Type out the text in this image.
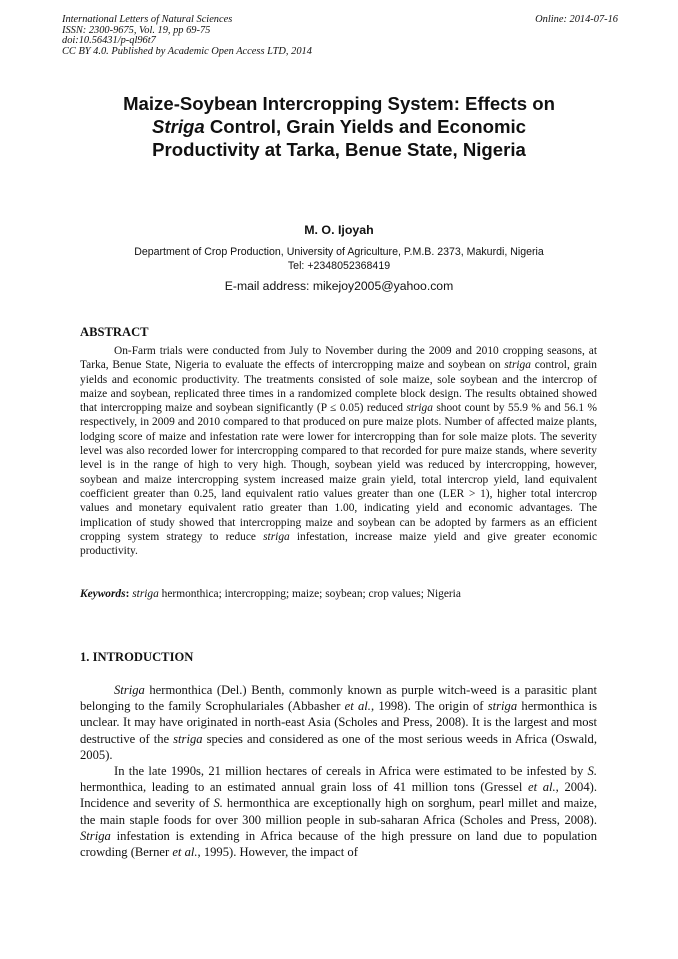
International Letters of Natural Sciences
ISSN: 2300-9675, Vol. 19, pp 69-75
doi:10.56431/p-ql96t7
CC BY 4.0. Published by Academic Open Access LTD, 2014
Online: 2014-07-16
Maize-Soybean Intercropping System: Effects on
Striga Control, Grain Yields and Economic
Productivity at Tarka, Benue State, Nigeria
M. O. Ijoyah
Department of Crop Production, University of Agriculture, P.M.B. 2373, Makurdi, Nigeria
Tel: +2348052368419
E-mail address: mikejoy2005@yahoo.com
ABSTRACT

On-Farm trials were conducted from July to November during the 2009 and 2010 cropping seasons, at Tarka, Benue State, Nigeria to evaluate the effects of intercropping maize and soybean on striga control, grain yields and economic productivity. The treatments consisted of sole maize, sole soybean and the intercrop of maize and soybean, replicated three times in a randomized complete block design. The results obtained showed that intercropping maize and soybean significantly (P ≤ 0.05) reduced striga shoot count by 55.9 % and 56.1 % respectively, in 2009 and 2010 compared to that produced on pure maize plots. Number of affected maize plants, lodging score of maize and infestation rate were lower for intercropping than for sole maize plots. The severity level was also recorded lower for intercropping compared to that recorded for pure maize stands, where severity level is in the range of high to very high. Though, soybean yield was reduced by intercropping, however, soybean and maize intercropping system increased maize grain yield, total intercrop yield, land equivalent coefficient greater than 0.25, land equivalent ratio values greater than one (LER > 1), higher total intercrop values and monetary equivalent ratio greater than 1.00, indicating yield and economic advantages. The implication of study showed that intercropping maize and soybean can be adopted by farmers as an efficient cropping system strategy to reduce striga infestation, increase maize yield and give greater economic productivity.

Keywords: striga hermonthica; intercropping; maize; soybean; crop values; Nigeria
1. INTRODUCTION

Striga hermonthica (Del.) Benth, commonly known as purple witch-weed is a parasitic plant belonging to the family Scrophulariales (Abbasher et al., 1998). The origin of striga hermonthica is unclear. It may have originated in north-east Asia (Scholes and Press, 2008). It is the largest and most destructive of the striga species and considered as one of the most serious weeds in Africa (Oswald, 2005).

In the late 1990s, 21 million hectares of cereals in Africa were estimated to be infested by S. hermonthica, leading to an estimated annual grain loss of 41 million tons (Gressel et al., 2004). Incidence and severity of S. hermonthica are exceptionally high on sorghum, pearl millet and maize, the main staple foods for over 300 million people in sub-saharan Africa (Scholes and Press, 2008). Striga infestation is extending in Africa because of the high pressure on land due to population crowding (Berner et al., 1995). However, the impact of
